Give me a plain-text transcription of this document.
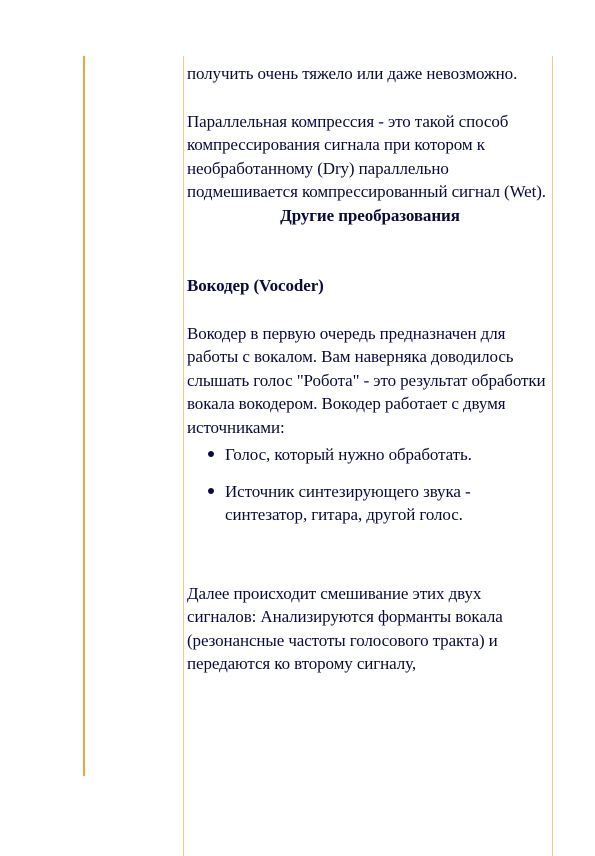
получить очень тяжело или даже невозможно.

Параллельная компрессия - это такой способ компрессирования сигнала при котором к необработанному (Dry) параллельно подмешивается компрессированный сигнал (Wet).

Другие преобразования

Вокодер (Vocoder)

Вокодер в первую очередь предназначен для работы с вокалом. Вам наверняка доводилось слышать голос "Робота" - это результат обработки вокала вокодером. Вокодер работает с двумя источниками:

Голос, который нужно обработать.
Источник синтезирующего звука - синтезатор, гитара, другой голос.

Далее происходит смешивание этих двух сигналов: Анализируются форманты вокала (резонансные частоты голосового тракта) и передаются ко второму сигналу,
